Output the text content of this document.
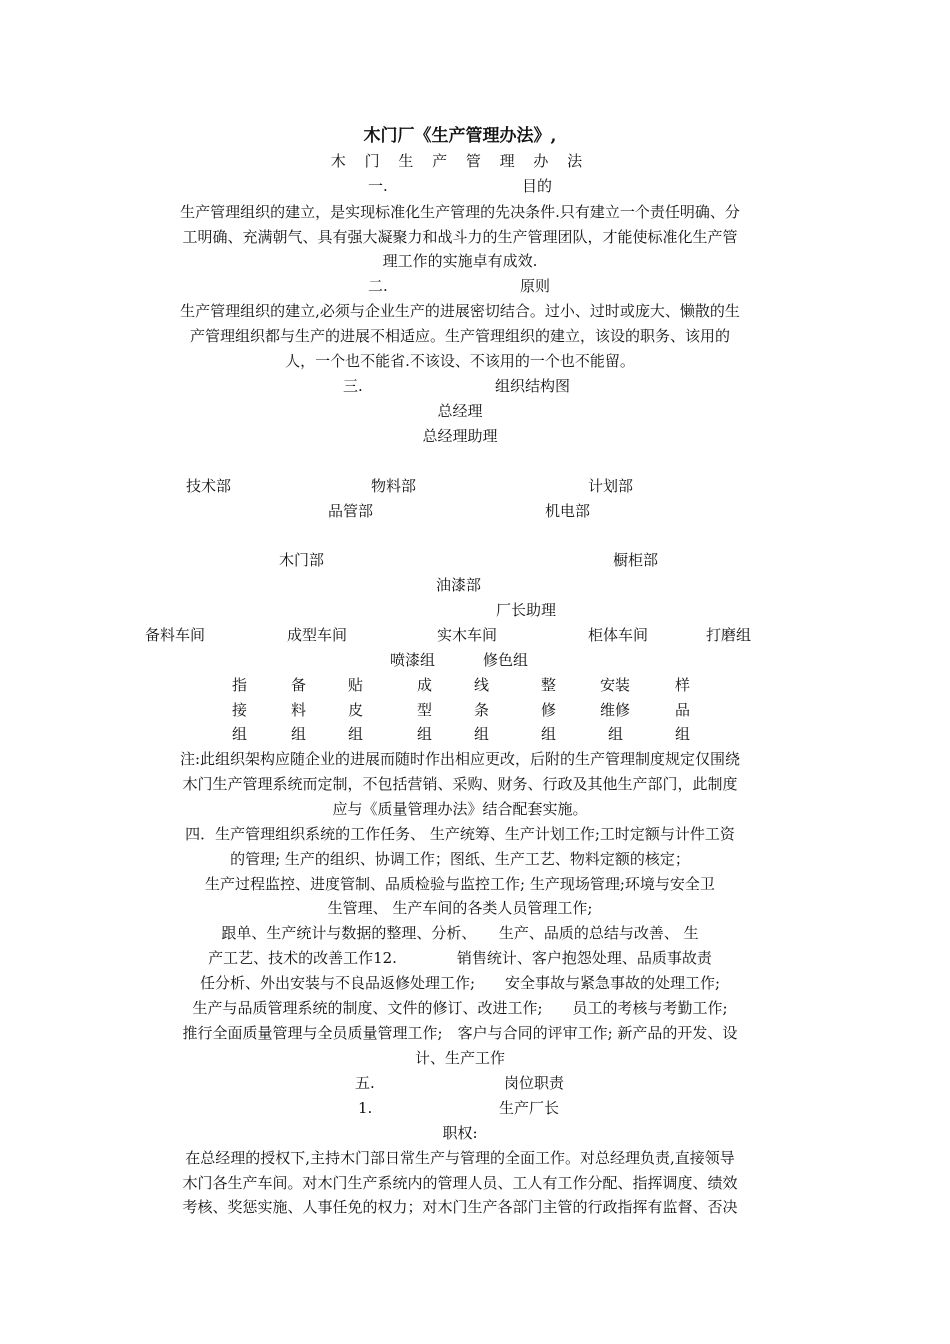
木门厂《生产管理办法》,
木 门 生 产 管 理 办 法
一.	目的
生产管理组织的建立，是实现标准化生产管理的先决条件.只有建立一个责任明确、分
工明确、充满朝气、具有强大凝聚力和战斗力的生产管理团队，才能使标准化生产管
理工作的实施卓有成效.
二.	原则
生产管理组织的建立,必须与企业生产的进展密切结合。过小、过时或庞大、懒散的生
产管理组织都与生产的进展不相适应。生产管理组织的建立，该设的职务、该用的
人，一个也不能省.不该设、不该用的一个也不能留。
三.	组织结构图
总经理
总经理助理
技术部	物料部	计划部
品管部	机电部
木门部	橱柜部
油漆部
厂长助理
备料车间	成型车间	实木车间	柜体车间	打磨组
喷漆组	修色组
指	备	贴	成	线	整	安装	样
接	料	皮	型	条	修	维修	品
组	组	组	组	组	组	组	组
注:此组织架构应随企业的进展而随时作出相应更改，后附的生产管理制度规定仅围绕
木门生产管理系统而定制，不包括营销、采购、财务、行政及其他生产部门，此制度
应与《质量管理办法》结合配套实施。
四．生产管理组织系统的工作任务、 生产统筹、生产计划工作;工时定额与计件工资
的管理; 生产的组织、协调工作；图纸、生产工艺、物料定额的核定；
生产过程监控、进度管制、品质检验与监控工作; 生产现场管理;环境与安全卫
生管理、 生产车间的各类人员管理工作;
跟单、生产统计与数据的整理、分析、　　生产、品质的总结与改善、 生
产工艺、技术的改善工作12.　　　　销售统计、客户抱怨处理、品质事故责
任分析、外出安装与不良品返修处理工作;　　安全事故与紧急事故的处理工作;
生产与品质管理系统的制度、文件的修订、改进工作;　　员工的考核与考勤工作;
推行全面质量管理与全员质量管理工作;　客户与合同的评审工作; 新产品的开发、设
计、生产工作
五.	岗位职责
1.	生产厂长
职权:
在总经理的授权下,主持木门部日常生产与管理的全面工作。对总经理负责,直接领导
木门各生产车间。对木门生产系统内的管理人员、工人有工作分配、指挥调度、绩效
考核、奖惩实施、人事任免的权力；对木门生产各部门主管的行政指挥有监督、否决
